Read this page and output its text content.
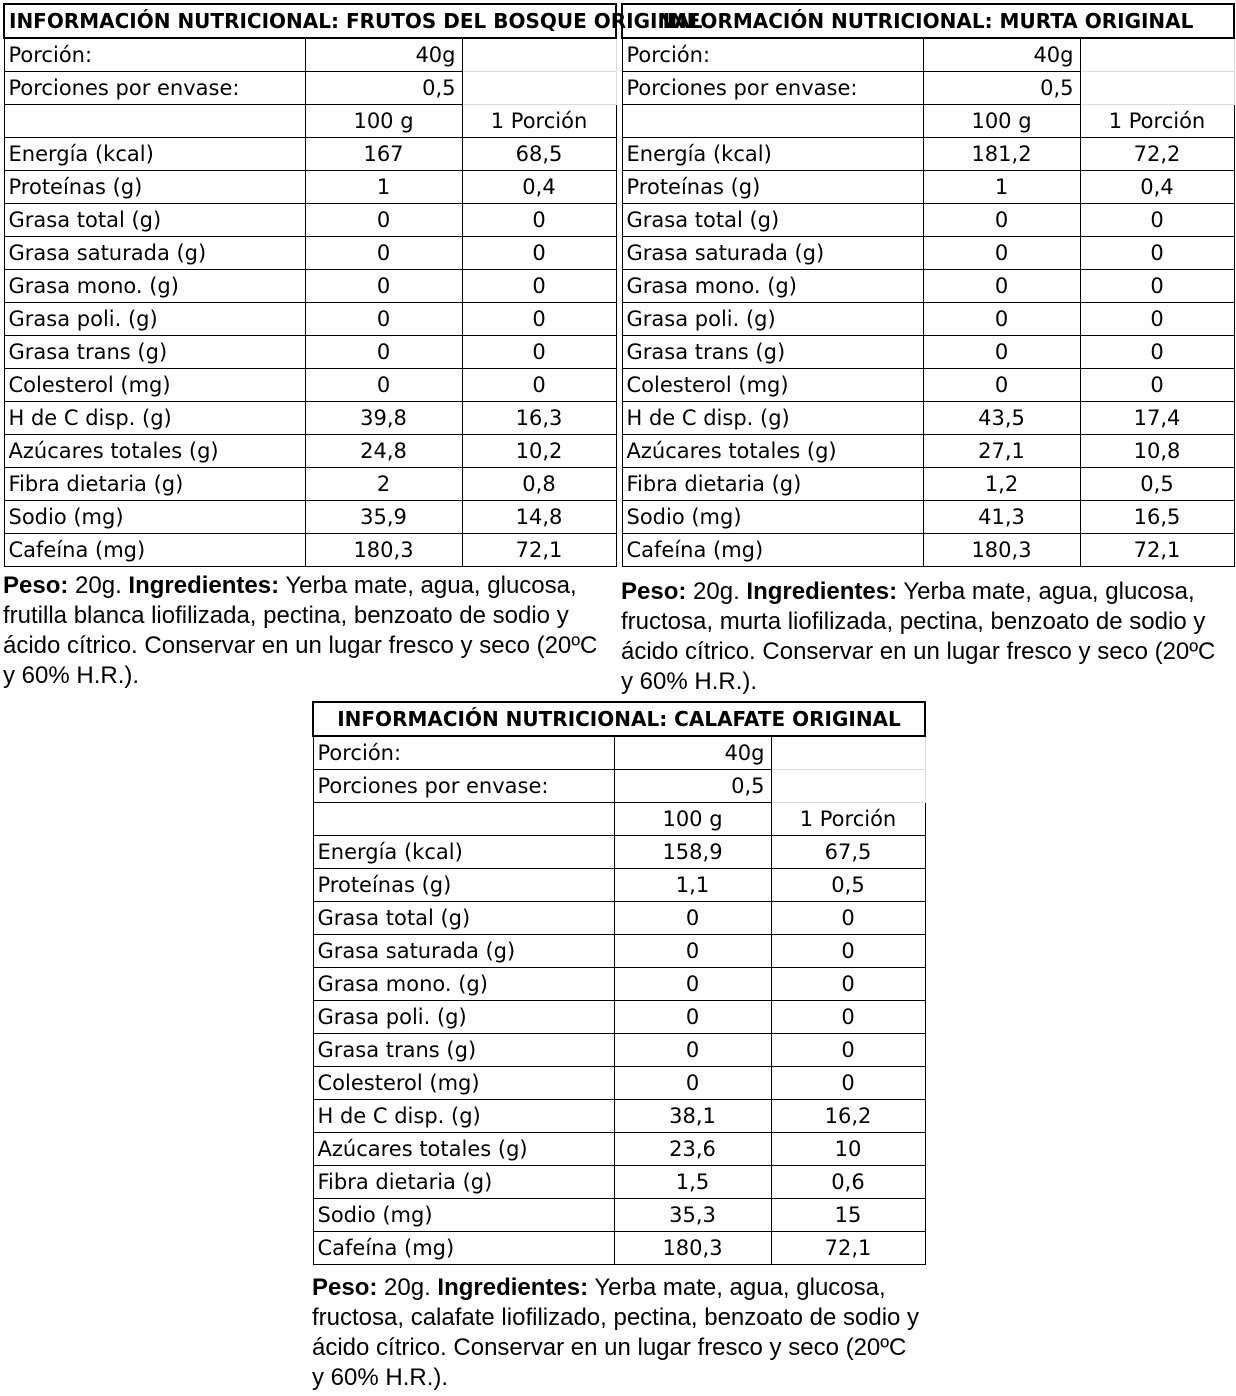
INFORMACIÓN NUTRICIONAL: FRUTOS DEL BOSQUE ORIGINAL		
Porción:	40g	
Porciones por envase:	0,5	
	100 g	1 Porción
Energía (kcal)	167	68,5
Proteínas (g)	1	0,4
Grasa total (g)	0	0
Grasa saturada (g)	0	0
Grasa mono. (g)	0	0
Grasa poli. (g)	0	0
Grasa trans (g)	0	0
Colesterol (mg)	0	0
H de C disp. (g)	39,8	16,3
Azúcares totales (g)	24,8	10,2
Fibra dietaria (g)	2	0,8
Sodio (mg)	35,9	14,8
Cafeína (mg)	180,3	72,1
Peso: 20g. Ingredientes: Yerba mate, agua, glucosa, frutilla blanca liofilizada, pectina, benzoato de sodio y ácido cítrico. Conservar en un lugar fresco y seco (20ºC y 60% H.R.).
INFORMACIÓN NUTRICIONAL: MURTA ORIGINAL		
Porción:	40g	
Porciones por envase:	0,5	
	100 g	1 Porción
Energía (kcal)	181,2	72,2
Proteínas (g)	1	0,4
Grasa total (g)	0	0
Grasa saturada (g)	0	0
Grasa mono. (g)	0	0
Grasa poli. (g)	0	0
Grasa trans (g)	0	0
Colesterol (mg)	0	0
H de C disp. (g)	43,5	17,4
Azúcares totales (g)	27,1	10,8
Fibra dietaria (g)	1,2	0,5
Sodio (mg)	41,3	16,5
Cafeína (mg)	180,3	72,1
Peso: 20g. Ingredientes: Yerba mate, agua, glucosa, fructosa, murta liofilizada, pectina, benzoato de sodio y ácido cítrico. Conservar en un lugar fresco y seco (20ºC y 60% H.R.).
INFORMACIÓN NUTRICIONAL: CALAFATE ORIGINAL		
Porción:	40g	
Porciones por envase:	0,5	
	100 g	1 Porción
Energía (kcal)	158,9	67,5
Proteínas (g)	1,1	0,5
Grasa total (g)	0	0
Grasa saturada (g)	0	0
Grasa mono. (g)	0	0
Grasa poli. (g)	0	0
Grasa trans (g)	0	0
Colesterol (mg)	0	0
H de C disp. (g)	38,1	16,2
Azúcares totales (g)	23,6	10
Fibra dietaria (g)	1,5	0,6
Sodio (mg)	35,3	15
Cafeína (mg)	180,3	72,1
Peso: 20g. Ingredientes: Yerba mate, agua, glucosa, fructosa, calafate liofilizado, pectina, benzoato de sodio y ácido cítrico. Conservar en un lugar fresco y seco (20ºC y 60% H.R.).
